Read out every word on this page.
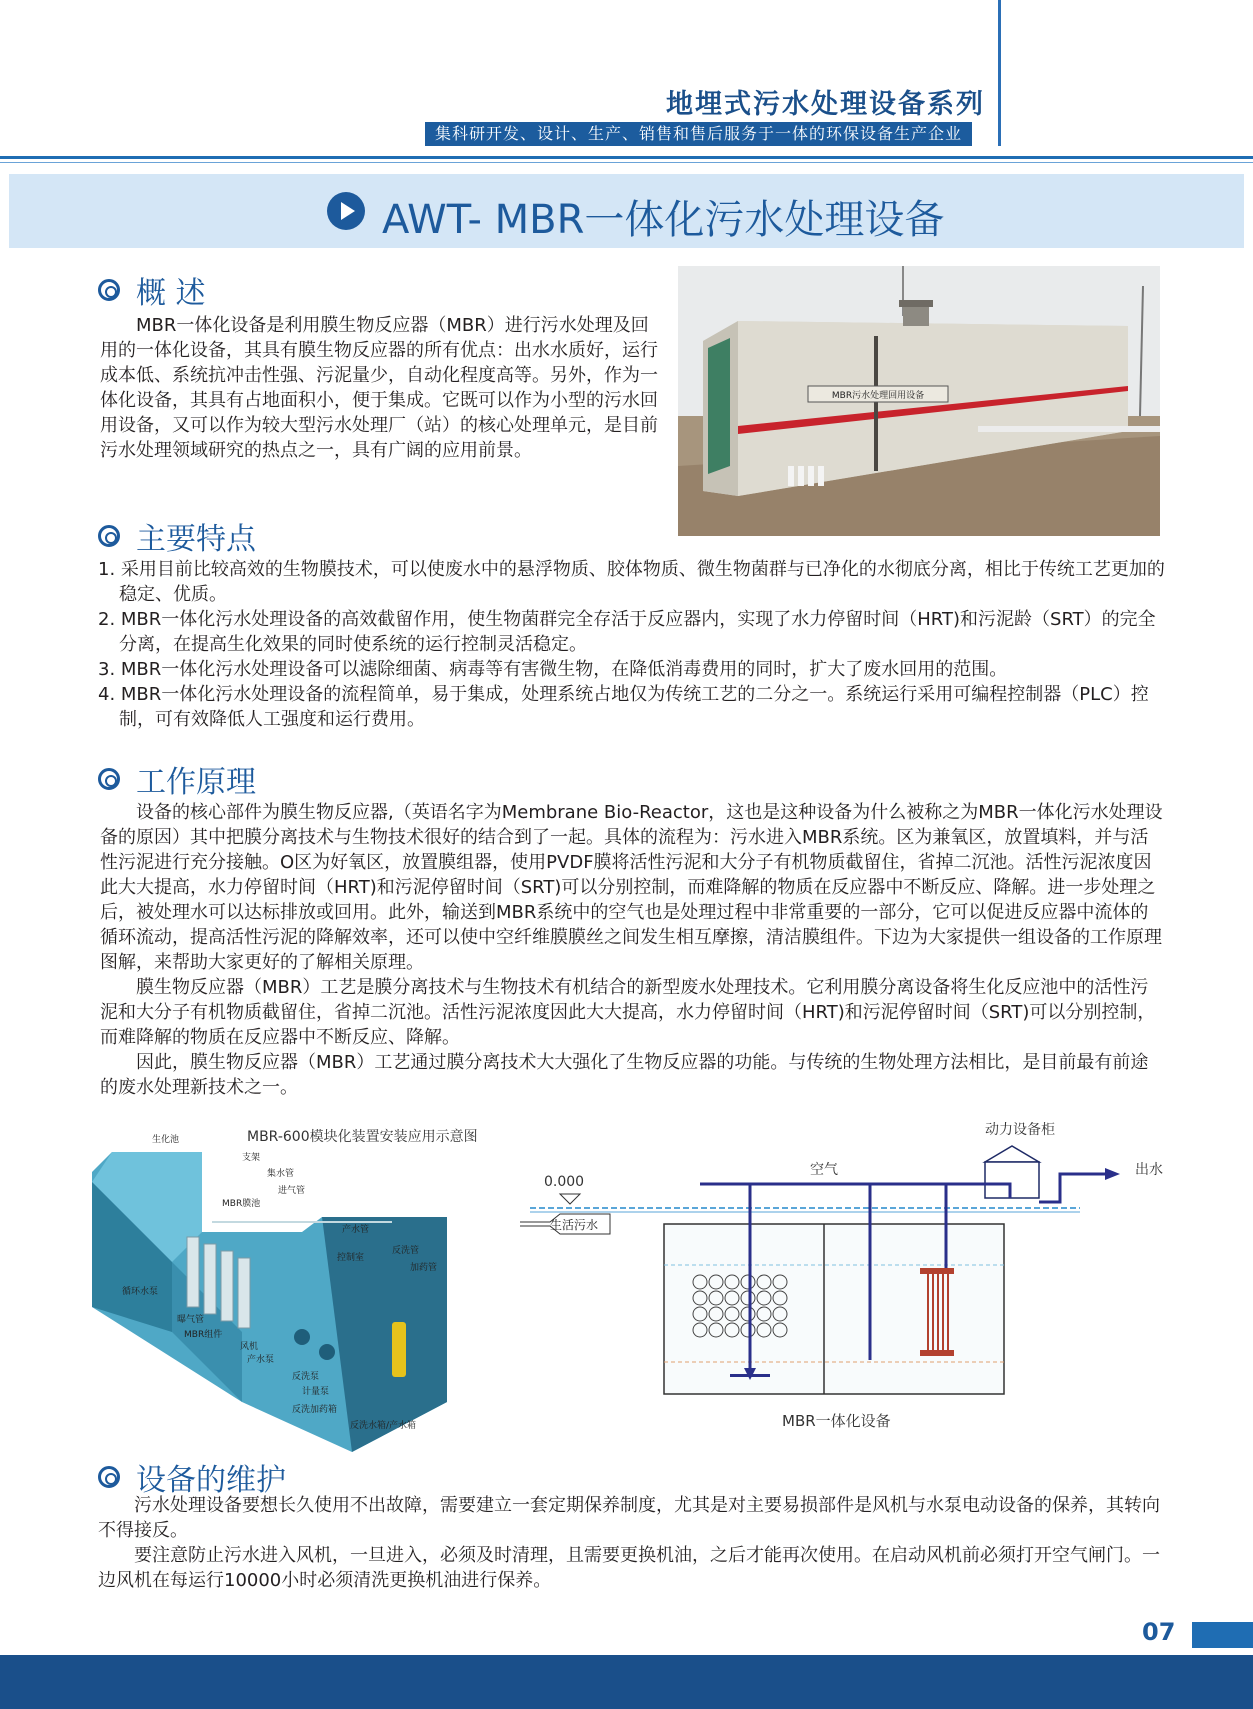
地埋式污水处理设备系列
集科研开发、设计、生产、销售和售后服务于一体的环保设备生产企业
AWT- MBR一体化污水处理设备
概 述
MBR一体化设备是利用膜生物反应器（MBR）进行污水处理及回用的一体化设备，其具有膜生物反应器的所有优点：出水水质好，运行成本低、系统抗冲击性强、污泥量少，自动化程度高等。另外，作为一体化设备，其具有占地面积小，便于集成。它既可以作为小型的污水回用设备，又可以作为较大型污水处理厂（站）的核心处理单元，是目前污水处理领域研究的热点之一，具有广阔的应用前景。
MBR污水处理回用设备
主要特点

1. 采用目前比较高效的生物膜技术，可以使废水中的悬浮物质、胶体物质、微生物菌群与已净化的水彻底分离，相比于传统工艺更加的稳定、优质。

2. MBR一体化污水处理设备的高效截留作用，使生物菌群完全存活于反应器内，实现了水力停留时间（HRT)和污泥龄（SRT）的完全分离，在提高生化效果的同时使系统的运行控制灵活稳定。

3. MBR一体化污水处理设备可以滤除细菌、病毒等有害微生物，在降低消毒费用的同时，扩大了废水回用的范围。

4. MBR一体化污水处理设备的流程简单，易于集成，处理系统占地仅为传统工艺的二分之一。系统运行采用可编程控制器（PLC）控制，可有效降低人工强度和运行费用。

工作原理

设备的核心部件为膜生物反应器,（英语名字为Membrane Bio-Reactor，这也是这种设备为什么被称之为MBR一体化污水处理设备的原因）其中把膜分离技术与生物技术很好的结合到了一起。具体的流程为：污水进入MBR系统。区为兼氧区，放置填料，并与活性污泥进行充分接触。O区为好氧区，放置膜组器，使用PVDF膜将活性污泥和大分子有机物质截留住，省掉二沉池。活性污泥浓度因此大大提高，水力停留时间（HRT)和污泥停留时间（SRT)可以分别控制，而难降解的物质在反应器中不断反应、降解。进一步处理之后，被处理水可以达标排放或回用。此外，输送到MBR系统中的空气也是处理过程中非常重要的一部分，它可以促进反应器中流体的循环流动，提高活性污泥的降解效率，还可以使中空纤维膜膜丝之间发生相互摩擦，清洁膜组件。下边为大家提供一组设备的工作原理图解，来帮助大家更好的了解相关原理。

膜生物反应器（MBR）工艺是膜分离技术与生物技术有机结合的新型废水处理技术。它利用膜分离设备将生化反应池中的活性污泥和大分子有机物质截留住，省掉二沉池。活性污泥浓度因此大大提高，水力停留时间（HRT)和污泥停留时间（SRT)可以分别控制，而难降解的物质在反应器中不断反应、降解。

因此，膜生物反应器（MBR）工艺通过膜分离技术大大强化了生物反应器的功能。与传统的生物处理方法相比，是目前最有前途的废水处理新技术之一。

MBR-600模块化装置安装应用示意图
生化池
支架
集水管
进气管
MBR膜池
产水管
反洗管
控制室
加药管
循环水泵
曝气管
MBR组件
风机
产水泵
反洗泵
计量泵
反洗加药箱
反洗水箱/产水箱
动力设备柜
空气	出水
0.000
生活污水
MBR一体化设备
设备的维护

污水处理设备要想长久使用不出故障，需要建立一套定期保养制度，尤其是对主要易损部件是风机与水泵电动设备的保养，其转向不得接反。

要注意防止污水进入风机，一旦进入，必须及时清理，且需要更换机油，之后才能再次使用。在启动风机前必须打开空气闸门。一边风机在每运行10000小时必须清洗更换机油进行保养。

07
